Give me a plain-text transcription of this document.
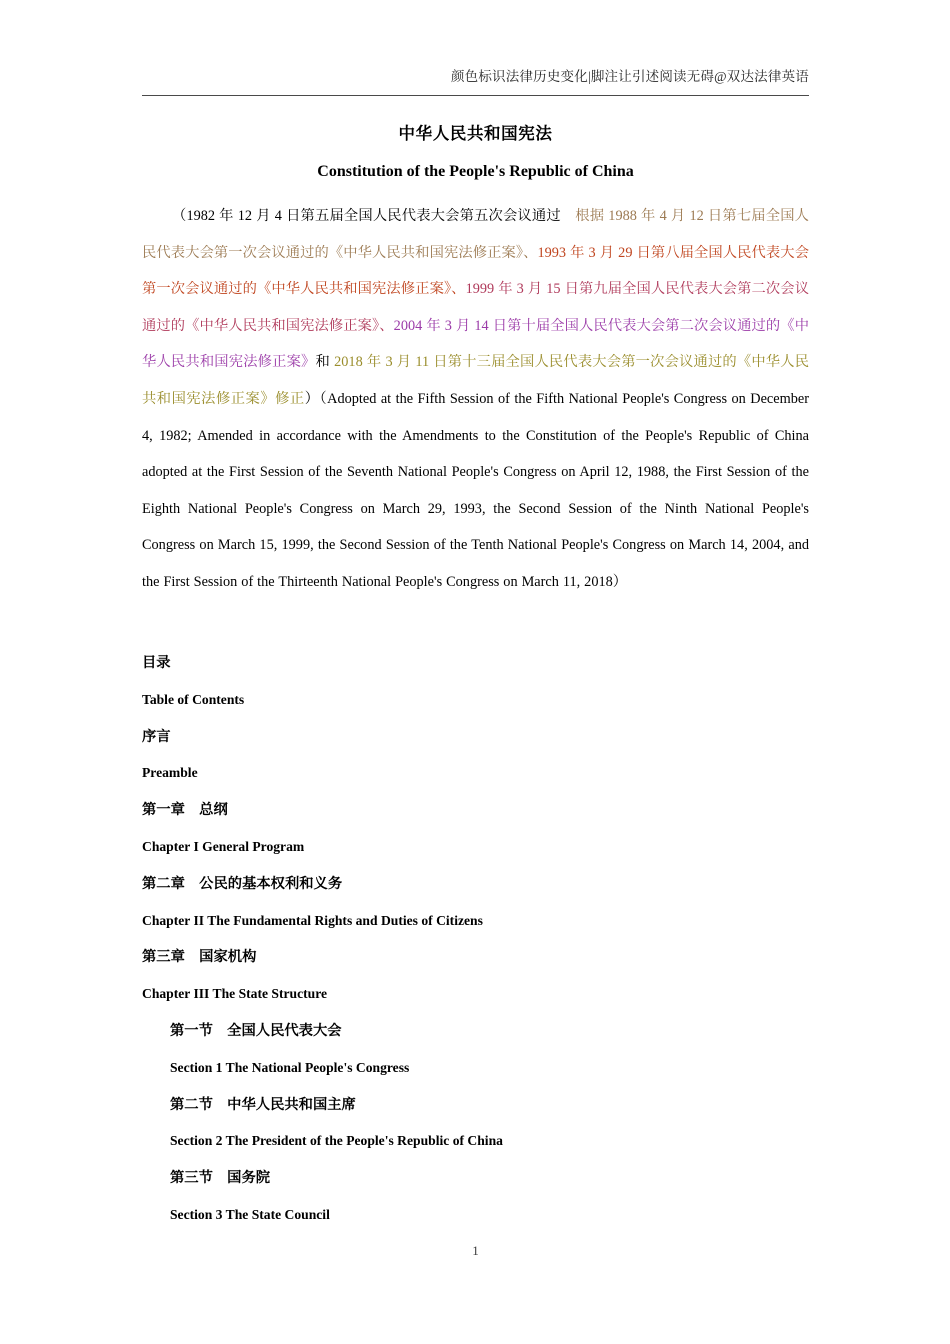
颜色标识法律历史变化|脚注让引述阅读无碍@双达法律英语
中华人民共和国宪法
Constitution of the People's Republic of China
（1982 年 12 月 4 日第五届全国人民代表大会第五次会议通过　根据 1988 年 4 月 12 日第七届全国人民代表大会第一次会议通过的《中华人民共和国宪法修正案》、1993 年 3 月 29 日第八届全国人民代表大会第一次会议通过的《中华人民共和国宪法修正案》、1999 年 3 月 15 日第九届全国人民代表大会第二次会议通过的《中华人民共和国宪法修正案》、2004 年 3 月 14 日第十届全国人民代表大会第二次会议通过的《中华人民共和国宪法修正案》和 2018 年 3 月 11 日第十三届全国人民代表大会第一次会议通过的《中华人民共和国宪法修正案》修正）（Adopted at the Fifth Session of the Fifth National People's Congress on December 4, 1982; Amended in accordance with the Amendments to the Constitution of the People's Republic of China adopted at the First Session of the Seventh National People's Congress on April 12, 1988, the First Session of the Eighth National People's Congress on March 29, 1993, the Second Session of the Ninth National People's Congress on March 15, 1999, the Second Session of the Tenth National People's Congress on March 14, 2004, and the First Session of the Thirteenth National People's Congress on March 11, 2018）
目录
Table of Contents
序言
Preamble
第一章　总纲
Chapter I General Program
第二章　公民的基本权利和义务
Chapter II The Fundamental Rights and Duties of Citizens
第三章　国家机构
Chapter III The State Structure
第一节　全国人民代表大会
Section 1 The National People's Congress
第二节　中华人民共和国主席
Section 2 The President of the People's Republic of China
第三节　国务院
Section 3 The State Council
1
